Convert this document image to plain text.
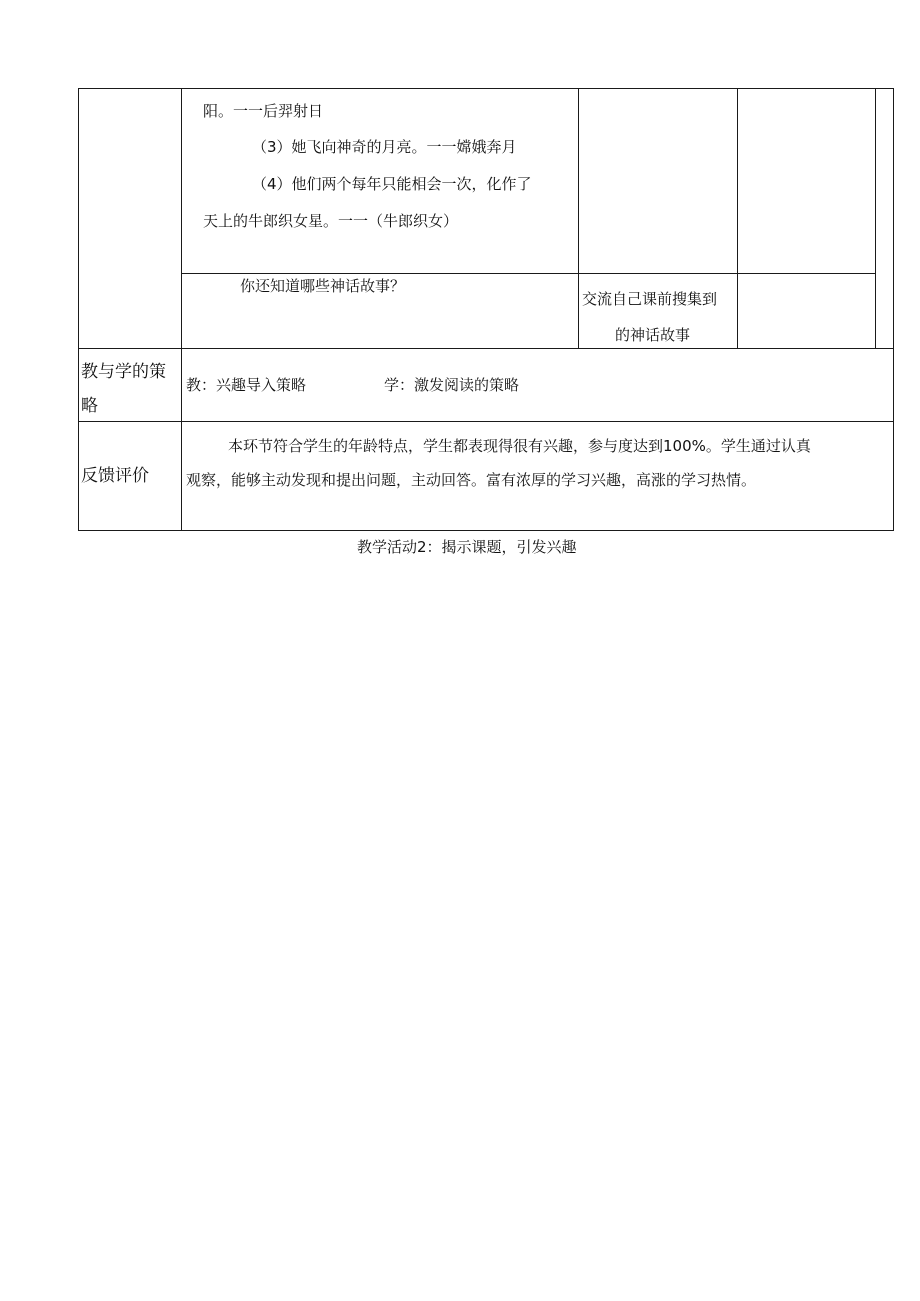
阳。一一后羿射日
（3）她飞向神奇的月亮。一一嫦娥奔月
（4）他们两个每年只能相会一次，化作了
天上的牛郎织女星。一一（牛郎织女）
你还知道哪些神话故事？
交流自己课前搜集到
的神话故事
教与学的策
略
教：兴趣导入策略	学：激发阅读的策略
反馈评价
本环节符合学生的年龄特点，学生都表现得很有兴趣，参与度达到100%。学生通过认真
观察，能够主动发现和提出问题，主动回答。富有浓厚的学习兴趣，高涨的学习热情。
教学活动2：揭示课题，引发兴趣
